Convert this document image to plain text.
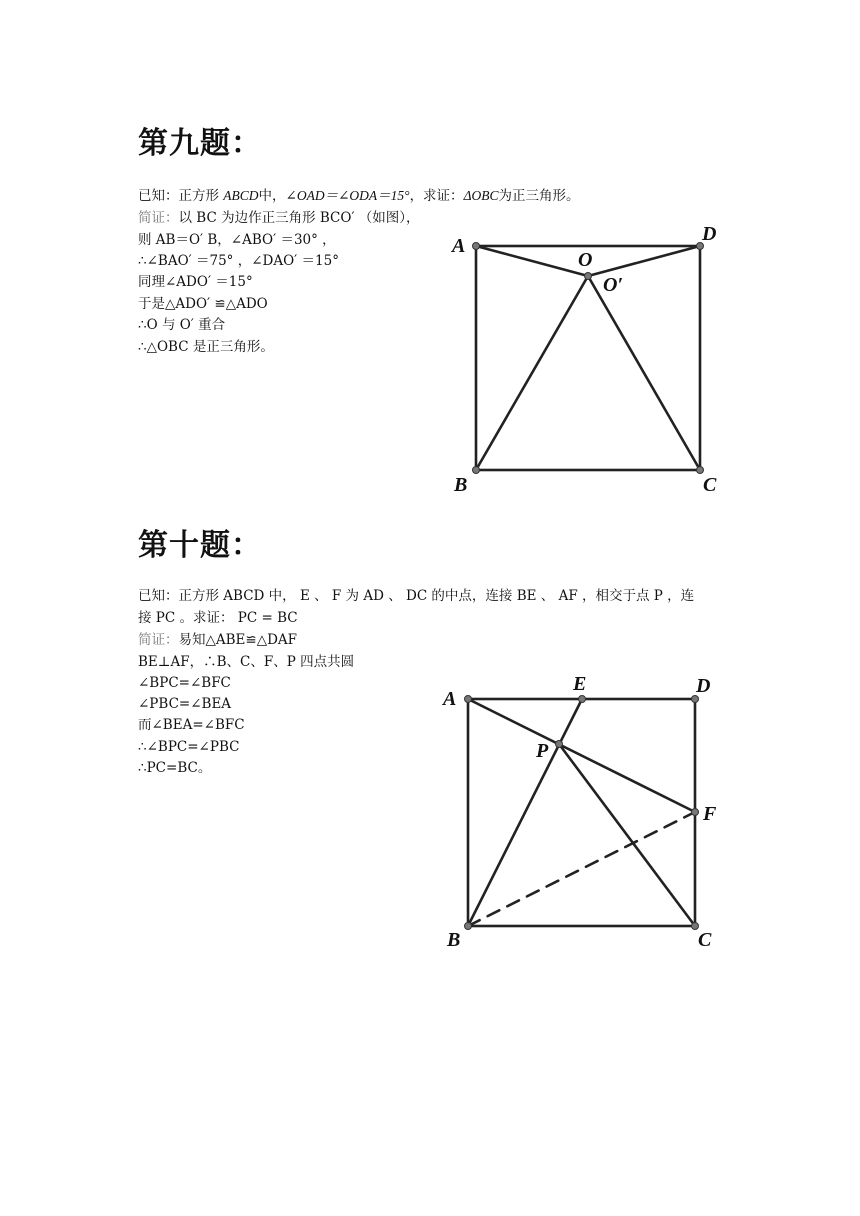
第九题：
已知：正方形 ABCD中，∠OAD＝∠ODA＝15°，求证：ΔOBC为正三角形。
简证：以 BC 为边作正三角形 BCO′ （如图），
则 AB＝O′ B，∠ABO′ ＝30° ，
∴∠BAO′ ＝75° ，∠DAO′ ＝15°
同理∠ADO′ ＝15°
于是△ADO′ ≌△ADO
∴O 与 O′ 重合
∴△OBC 是正三角形。
第十题：
已知：正方形 ABCD 中， E 、 F 为 AD 、 DC 的中点，连接 BE 、 AF ，相交于点 P ，连
接 PC 。求证： PC = BC
简证：易知△ABE≌△DAF
BE⊥AF，∴B、C、F、P 四点共圆
∠BPC=∠BFC
∠PBC=∠BEA
而∠BEA=∠BFC
∴∠BPC=∠PBC
∴PC=BC。
A
D
O
O′
B	C
A
E	D
P
F
B	C
